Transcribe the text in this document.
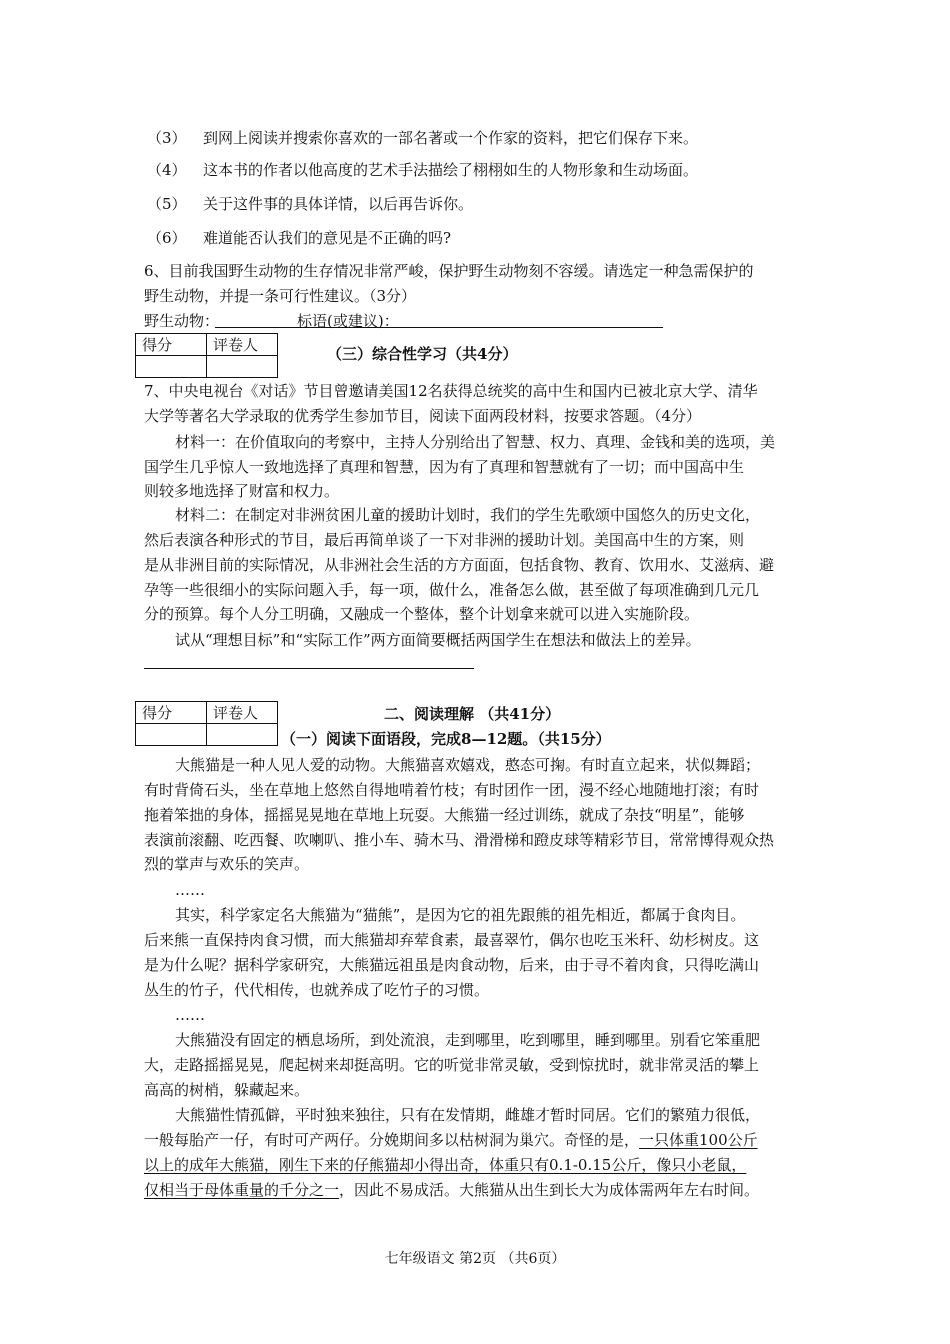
（3） 到网上阅读并搜索你喜欢的一部名著或一个作家的资料，把它们保存下来。
（4） 这本书的作者以他高度的艺术手法描绘了栩栩如生的人物形象和生动场面。
（5） 关于这件事的具体详情，以后再告诉你。
（6） 难道能否认我们的意见是不正确的吗?
6、目前我国野生动物的生存情况非常严峻，保护野生动物刻不容缓。请选定一种急需保护的
野生动物，并提一条可行性建议。（3分）
野生动物：	标语(或建议)：
得分	评卷人

（三）综合性学习（共4分）
7、中央电视台《对话》节目曾邀请美国12名获得总统奖的高中生和国内已被北京大学、清华
大学等著名大学录取的优秀学生参加节目，阅读下面两段材料，按要求答题。（4分）
材料一：在价值取向的考察中，主持人分别给出了智慧、权力、真理、金钱和美的选项，美
国学生几乎惊人一致地选择了真理和智慧，因为有了真理和智慧就有了一切；而中国高中生
则较多地选择了财富和权力。
材料二：在制定对非洲贫困儿童的援助计划时，我们的学生先歌颂中国悠久的历史文化，
然后表演各种形式的节目，最后再简单谈了一下对非洲的援助计划。美国高中生的方案，则
是从非洲目前的实际情况，从非洲社会生活的方方面面，包括食物、教育、饮用水、艾滋病、避
孕等一些很细小的实际问题入手，每一项，做什么，准备怎么做，甚至做了每项准确到几元几
分的预算。每个人分工明确，又融成一个整体，整个计划拿来就可以进入实施阶段。
试从“理想目标”和“实际工作”两方面简要概括两国学生在想法和做法上的差异。
得分	评卷人
		二、阅读理解 （共41分）
（一）阅读下面语段，完成8—12题。（共15分）
大熊猫是一种人见人爱的动物。大熊猫喜欢嬉戏，憨态可掬。有时直立起来，状似舞蹈；
有时背倚石头，坐在草地上悠然自得地啃着竹枝；有时团作一团，漫不经心地随地打滚；有时
拖着笨拙的身体，摇摇晃晃地在草地上玩耍。大熊猫一经过训练，就成了杂技“明星”，能够
表演前滚翻、吃西餐、吹喇叭、推小车、骑木马、滑滑梯和蹬皮球等精彩节目，常常博得观众热
烈的掌声与欢乐的笑声。
……
其实，科学家定名大熊猫为“猫熊”，是因为它的祖先跟熊的祖先相近，都属于食肉目。
后来熊一直保持肉食习惯，而大熊猫却弃荤食素，最喜翠竹，偶尔也吃玉米秆、幼杉树皮。这
是为什么呢？据科学家研究，大熊猫远祖虽是肉食动物，后来，由于寻不着肉食，只得吃满山
丛生的竹子，代代相传，也就养成了吃竹子的习惯。
……
大熊猫没有固定的栖息场所，到处流浪，走到哪里，吃到哪里，睡到哪里。别看它笨重肥
大，走路摇摇晃晃，爬起树来却挺高明。它的听觉非常灵敏，受到惊扰时，就非常灵活的攀上
高高的树梢，躲藏起来。
大熊猫性情孤僻，平时独来独往，只有在发情期，雌雄才暂时同居。它们的繁殖力很低，
一般每胎产一仔，有时可产两仔。分娩期间多以枯树洞为巢穴。奇怪的是，一只体重100公斤
以上的成年大熊猫，刚生下来的仔熊猫却小得出奇，体重只有0.1-0.15公斤，像只小老鼠，
仅相当于母体重量的千分之一，因此不易成活。大熊猫从出生到长大为成体需两年左右时间。
七年级语文 第2页 （共6页）
